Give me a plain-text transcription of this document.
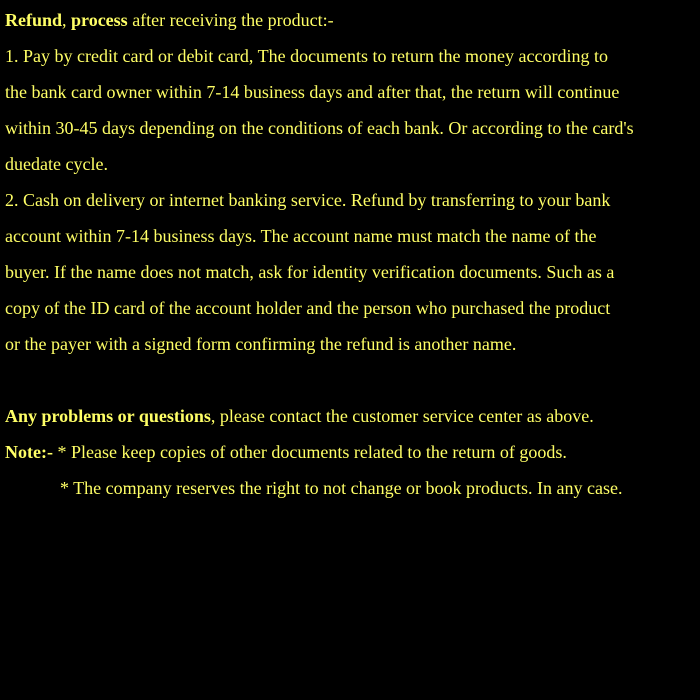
Refund, process after receiving the product:-
1. Pay by credit card or debit card, The documents to return the money according to
the bank card owner within 7-14 business days and after that, the return will continue
within 30-45 days depending on the conditions of each bank. Or according to the card's
duedate cycle.
2. Cash on delivery or internet banking service. Refund by transferring to your bank
account within 7-14 business days. The account name must match the name of the
buyer. If the name does not match, ask for identity verification documents. Such as a
copy of the ID card of the account holder and the person who purchased the product
or the payer with a signed form confirming the refund is another name.
Any problems or questions, please contact the customer service center as above.
Note:- * Please keep copies of other documents related to the return of goods.
* The company reserves the right to not change or book products. In any case.
